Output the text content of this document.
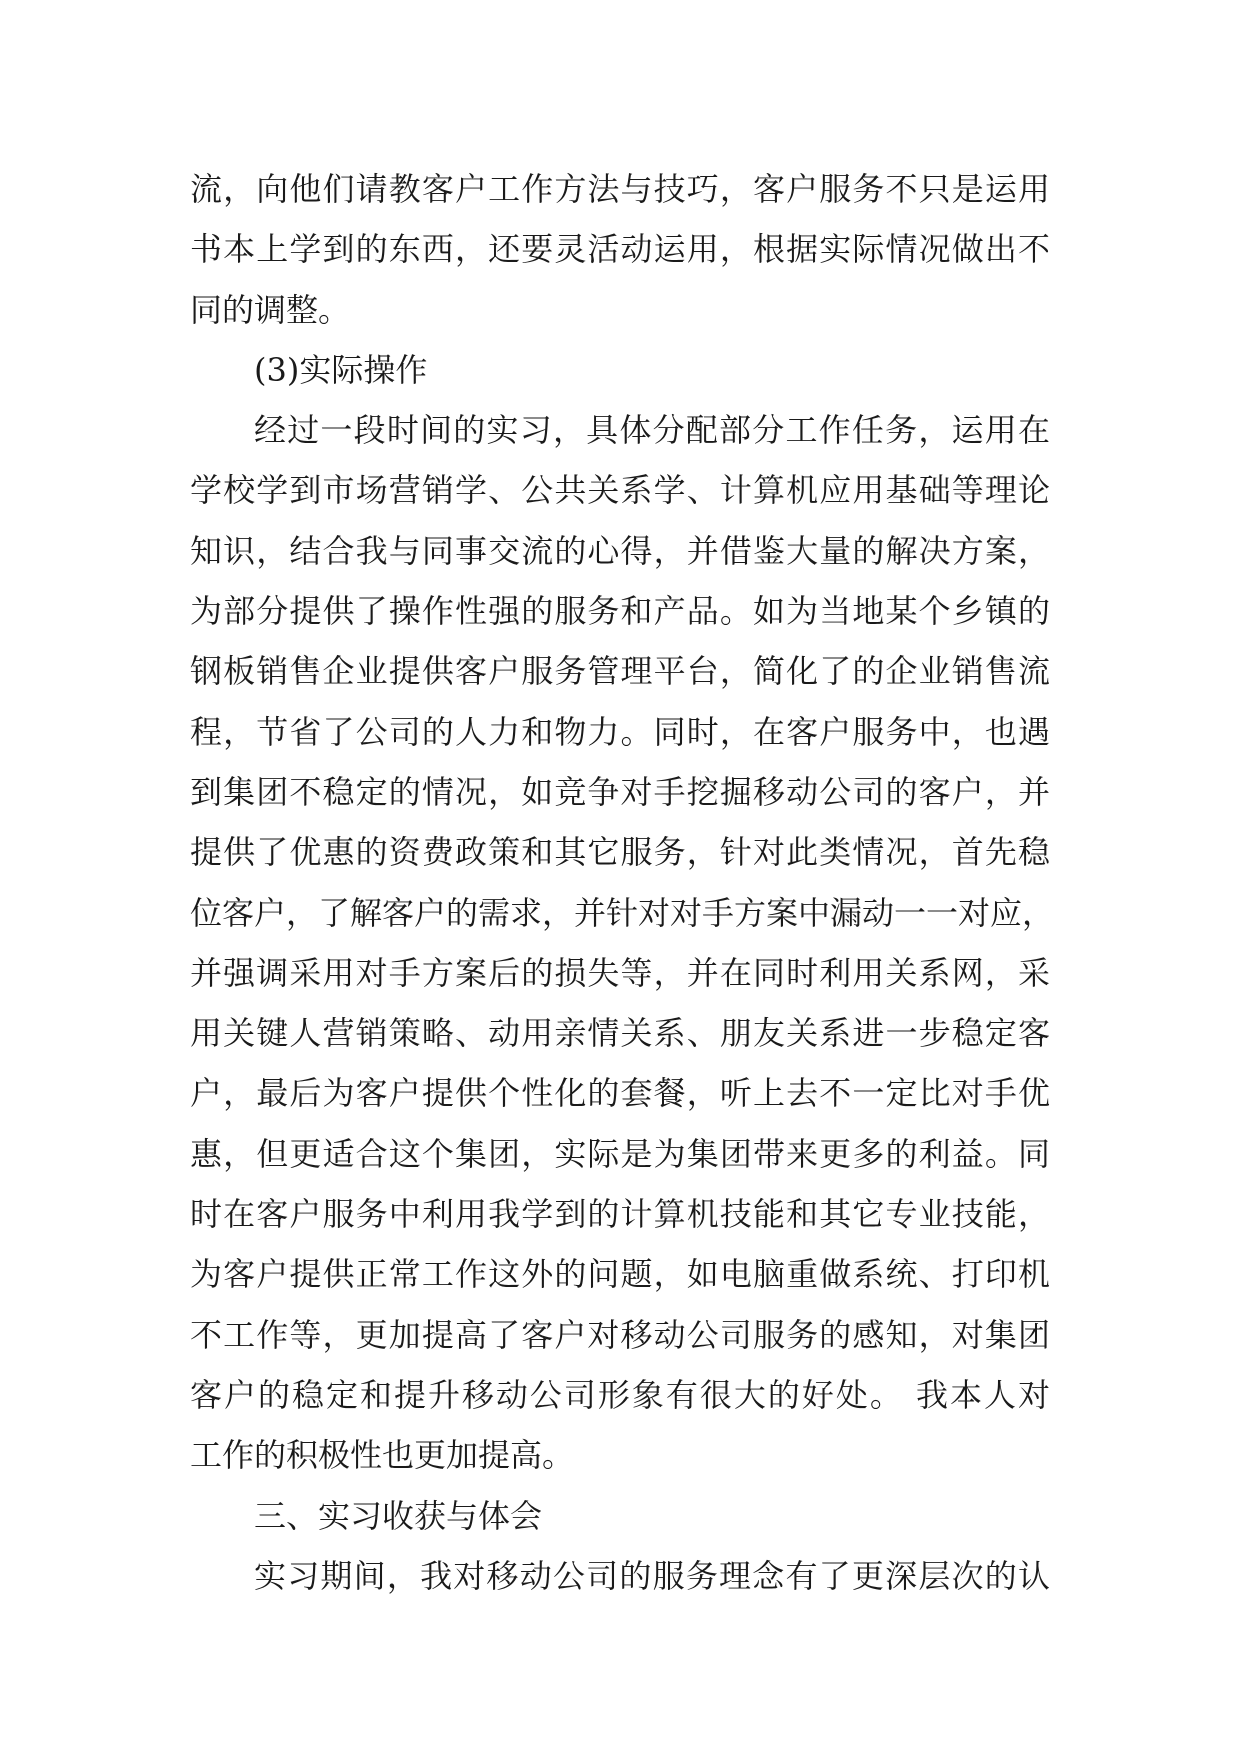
流，向他们请教客户工作方法与技巧，客户服务不只是运用
书本上学到的东西，还要灵活动运用，根据实际情况做出不
同的调整。
(3)实际操作
经过一段时间的实习，具体分配部分工作任务，运用在
学校学到市场营销学、公共关系学、计算机应用基础等理论
知识，结合我与同事交流的心得，并借鉴大量的解决方案，
为部分提供了操作性强的服务和产品。如为当地某个乡镇的
钢板销售企业提供客户服务管理平台，简化了的企业销售流
程，节省了公司的人力和物力。同时，在客户服务中，也遇
到集团不稳定的情况，如竞争对手挖掘移动公司的客户，并
提供了优惠的资费政策和其它服务，针对此类情况，首先稳
位客户，了解客户的需求，并针对对手方案中漏动一一对应，
并强调采用对手方案后的损失等，并在同时利用关系网，采
用关键人营销策略、动用亲情关系、朋友关系进一步稳定客
户，最后为客户提供个性化的套餐，听上去不一定比对手优
惠，但更适合这个集团，实际是为集团带来更多的利益。同
时在客户服务中利用我学到的计算机技能和其它专业技能，
为客户提供正常工作这外的问题，如电脑重做系统、打印机
不工作等，更加提高了客户对移动公司服务的感知，对集团
客户的稳定和提升移动公司形象有很大的好处。 我本人对
工作的积极性也更加提高。
三、实习收获与体会
实习期间，我对移动公司的服务理念有了更深层次的认
